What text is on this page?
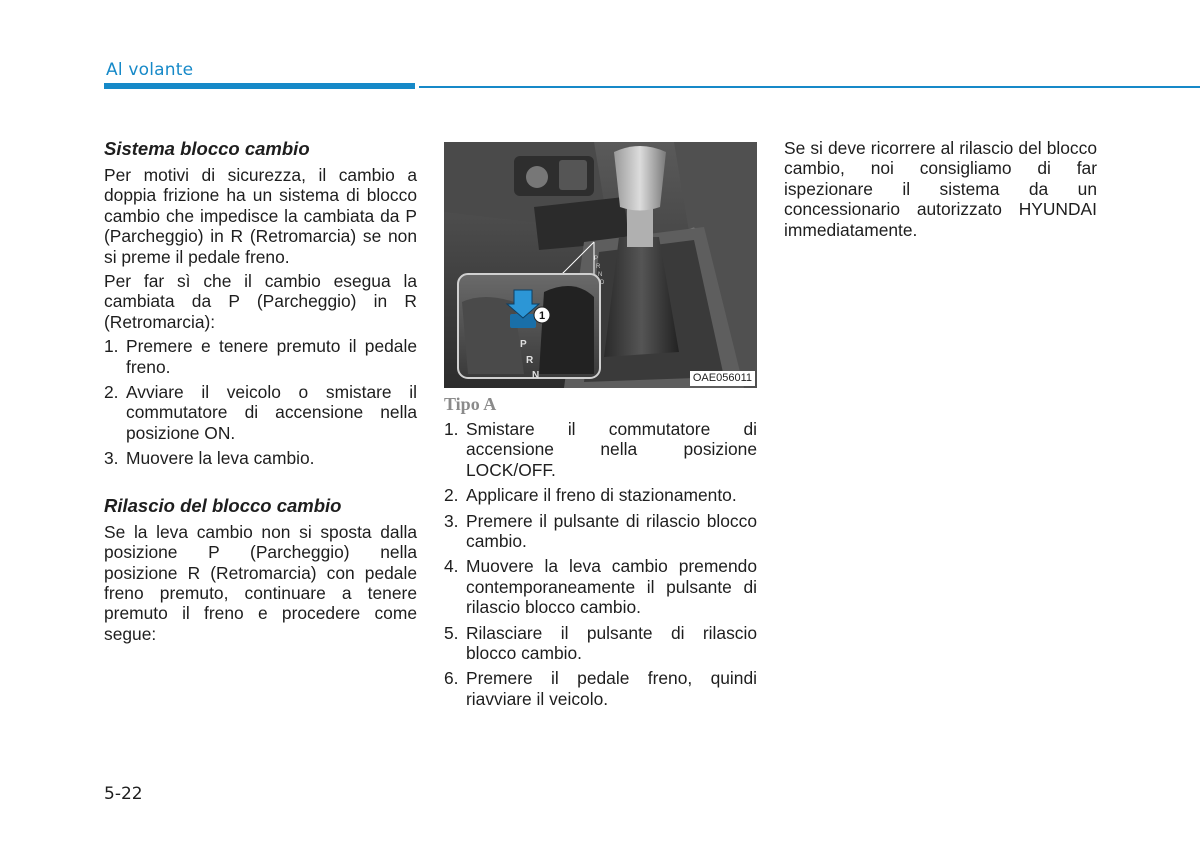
Al volante
Sistema blocco cambio

Per motivi di sicurezza, il cambio a doppia frizione ha un sistema di blocco cambio che impedisce la cambiata da P (Parcheggio) in R (Retromarcia) se non si preme il pedale freno.

Per far sì che il cambio esegua la cambiata da P (Parcheggio) in R (Retromarcia):

1. Premere e tenere premuto il pedale freno.
2. Avviare il veicolo o smistare il commutatore di accensione nella posizione ON.
3. Muovere la leva cambio.
Rilascio del blocco cambio

Se la leva cambio non si sposta dalla posizione P (Parcheggio) nella posizione R (Retromarcia) con pedale freno premuto, continuare a tenere premuto il freno e procedere come segue:

P
R
N
D
P
R
N
1
OAE056011
Tipo A
1. Smistare il commutatore di accensione nella posizione LOCK/OFF.
2. Applicare il freno di stazionamento.
3. Premere il pulsante di rilascio blocco cambio.
4. Muovere la leva cambio premendo contemporaneamente il pulsante di rilascio blocco cambio.
5. Rilasciare il pulsante di rilascio blocco cambio.
6. Premere il pedale freno, quindi riavviare il veicolo.

Se si deve ricorrere al rilascio del blocco cambio, noi consigliamo di far ispezionare il sistema da un concessionario autorizzato HYUNDAI immediatamente.

5-22
